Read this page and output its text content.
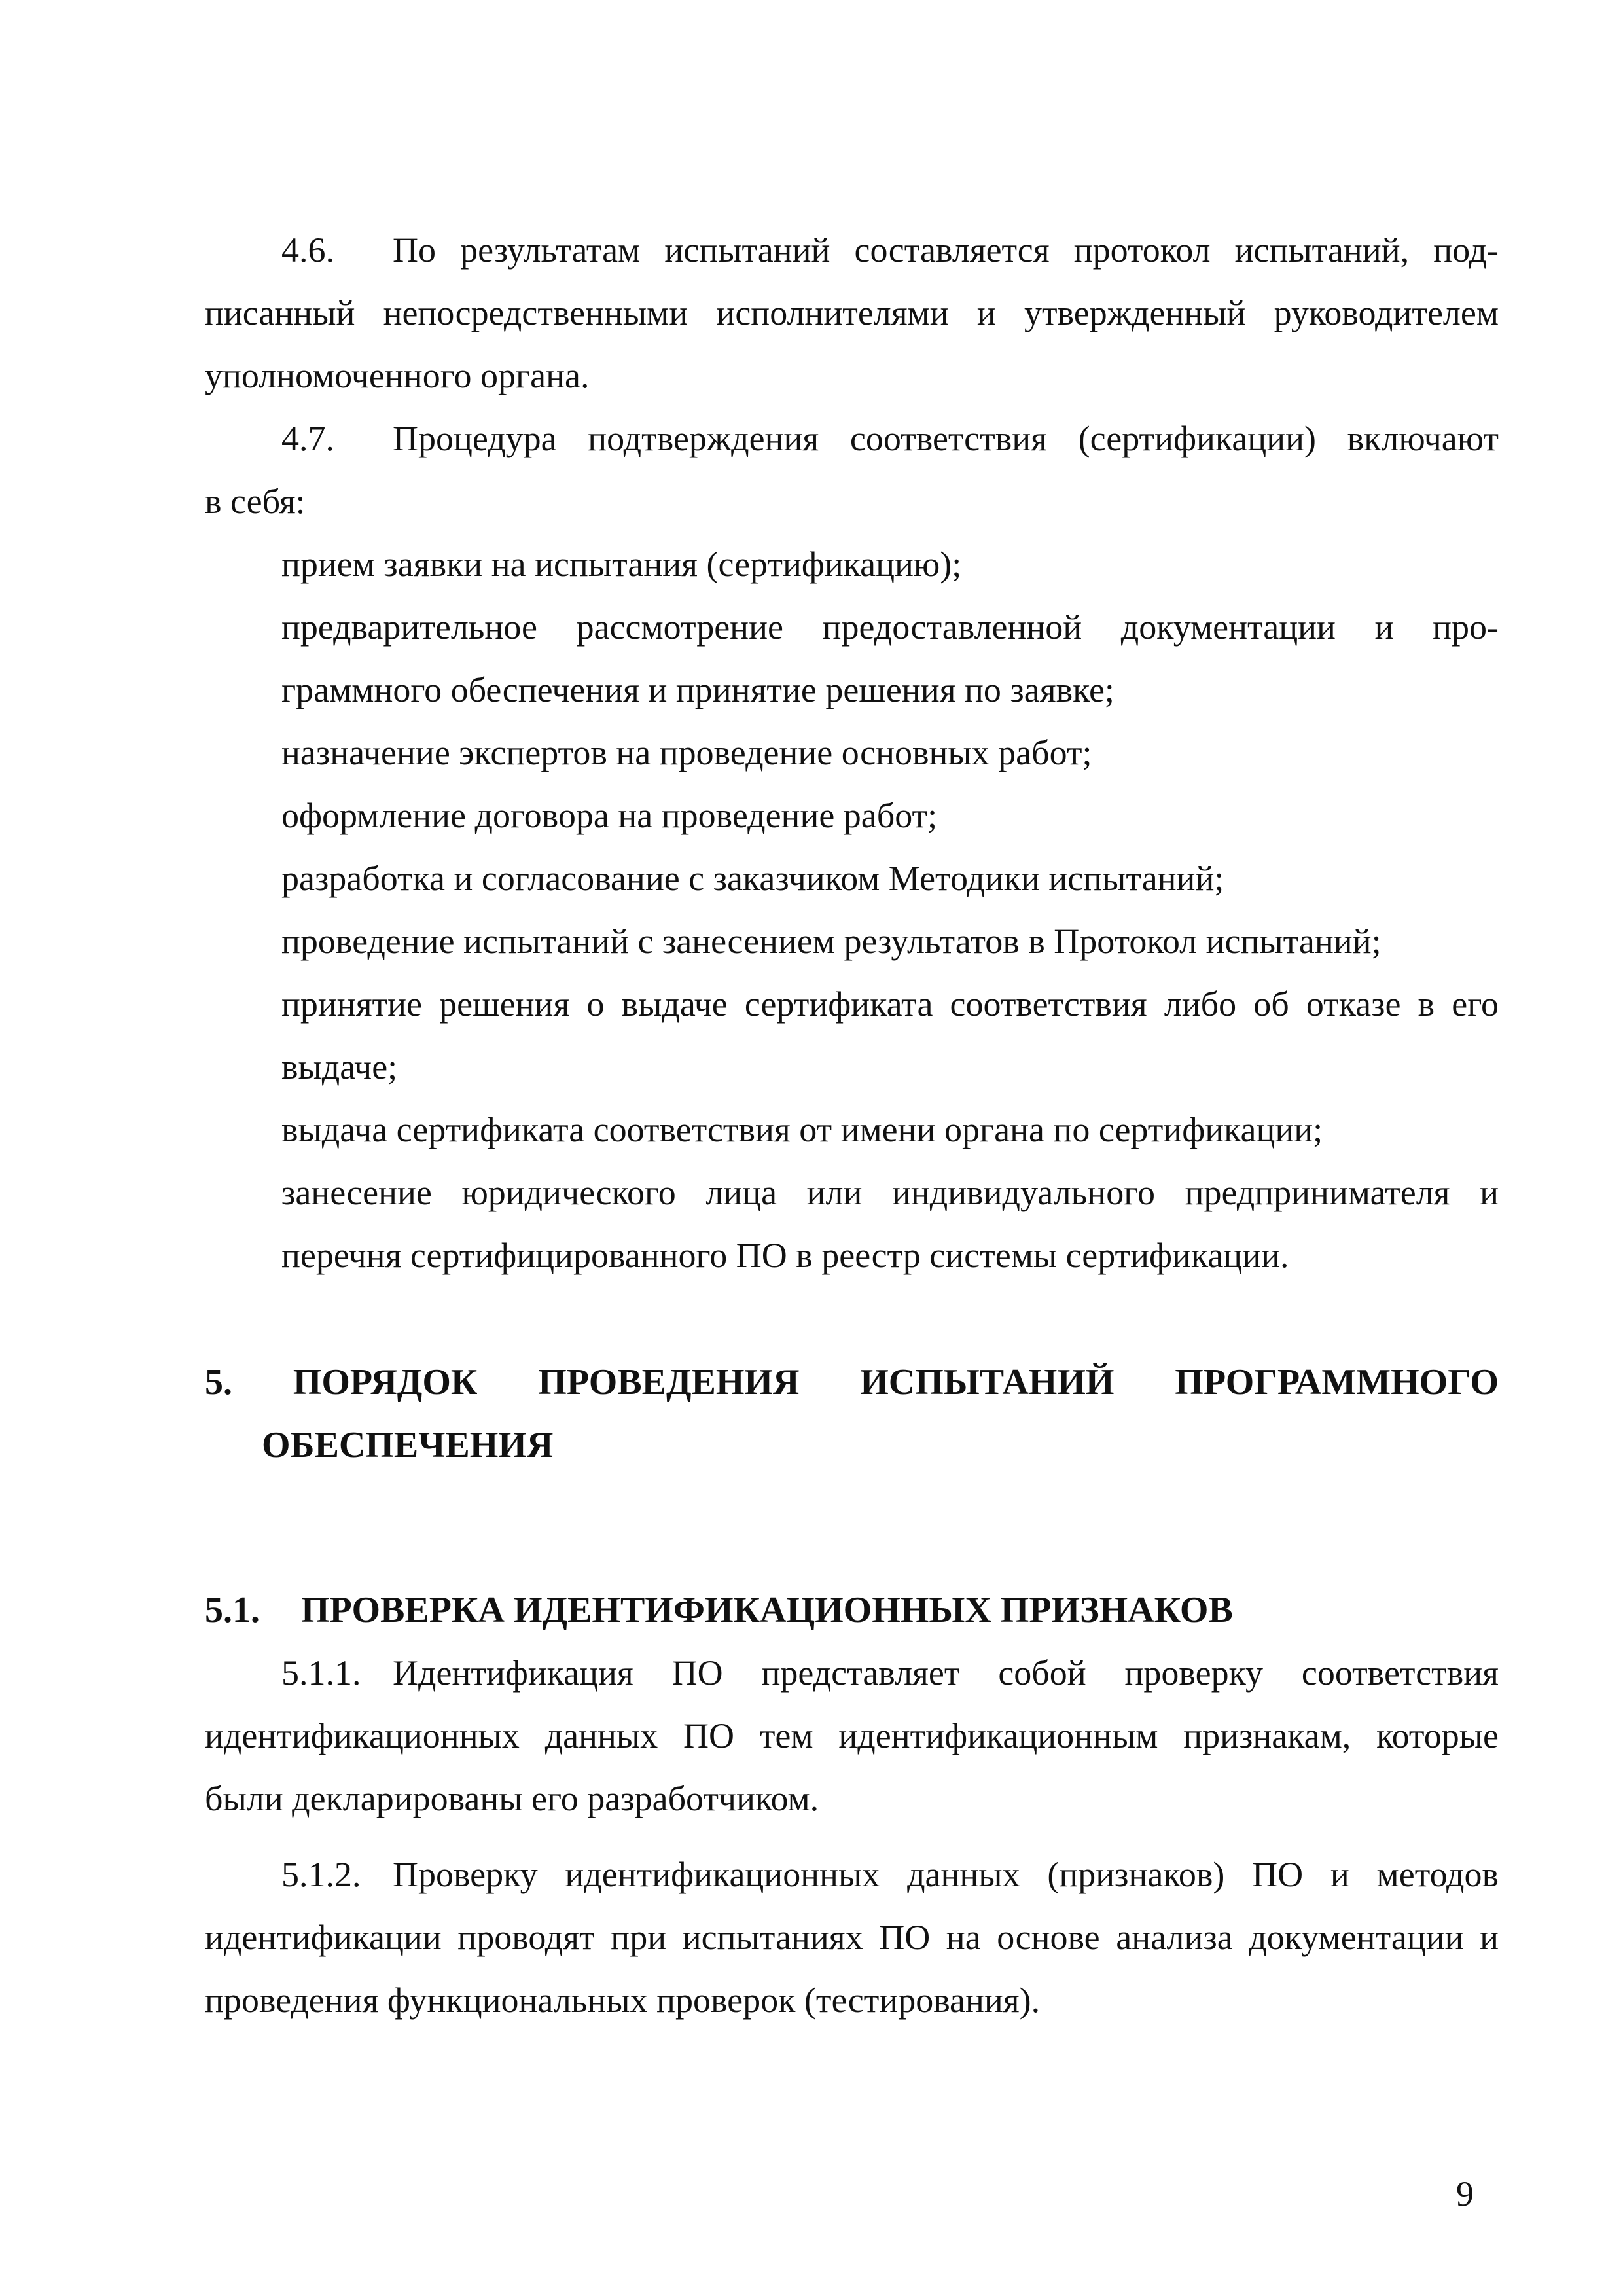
4.6. По результатам испытаний составляется протокол испытаний, под-
писанный непосредственными исполнителями и утвержденный руководителем
уполномоченного органа.
4.7. Процедура подтверждения соответствия (сертификации) включают
в себя:
прием заявки на испытания (сертификацию);
предварительное рассмотрение предоставленной документации и про-
граммного обеспечения и принятие решения по заявке;
назначение экспертов на проведение основных работ;
оформление договора на проведение работ;
разработка и согласование с заказчиком Методики испытаний;
проведение испытаний с занесением результатов в Протокол испытаний;
принятие решения о выдаче сертификата соответствия либо об отказе в его
выдаче;
выдача сертификата соответствия от имени органа по сертификации;
занесение юридического лица или индивидуального предпринимателя и
перечня сертифицированного ПО в реестр системы сертификации.
5. ПОРЯДОК ПРОВЕДЕНИЯ ИСПЫТАНИЙ ПРОГРАММНОГО
ОБЕСПЕЧЕНИЯ
5.1. ПРОВЕРКА ИДЕНТИФИКАЦИОННЫХ ПРИЗНАКОВ
5.1.1. Идентификация ПО представляет собой проверку соответствия
идентификационных данных ПО тем идентификационным признакам, которые
были декларированы его разработчиком.
5.1.2. Проверку идентификационных данных (признаков) ПО и методов
идентификации проводят при испытаниях ПО на основе анализа документации и
проведения функциональных проверок (тестирования).
9
